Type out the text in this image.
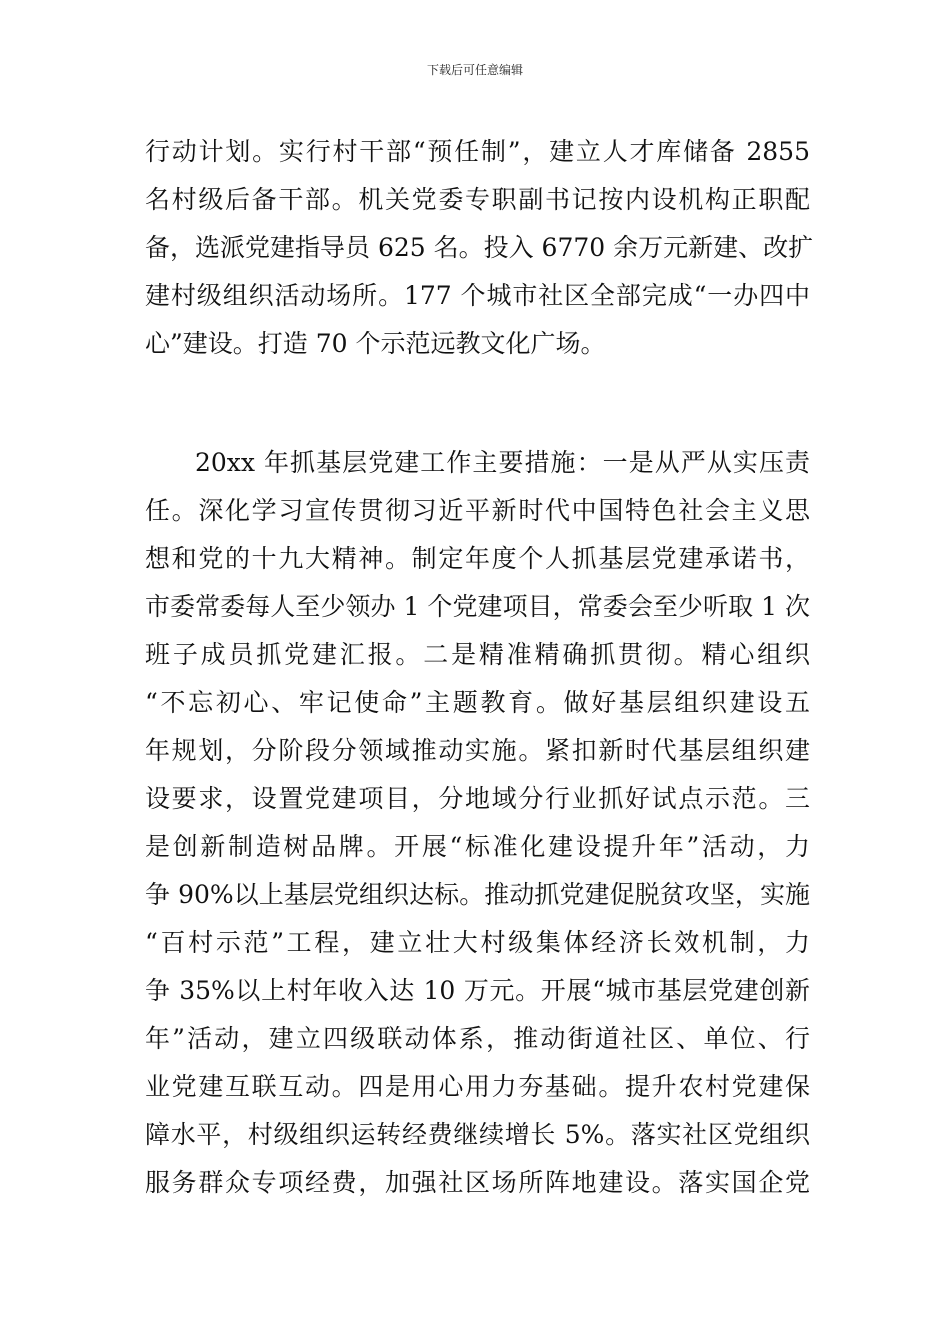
下载后可任意编辑
行动计划。实行村干部“预任制”，建立人才库储备 2855
名村级后备干部。机关党委专职副书记按内设机构正职配
备，选派党建指导员 625 名。投入 6770 余万元新建、改扩
建村级组织活动场所。177 个城市社区全部完成“一办四中
心”建设。打造 70 个示范远教文化广场。
20xx 年抓基层党建工作主要措施：一是从严从实压责
任。深化学习宣传贯彻习近平新时代中国特色社会主义思
想和党的十九大精神。制定年度个人抓基层党建承诺书，
市委常委每人至少领办 1 个党建项目，常委会至少听取 1 次
班子成员抓党建汇报。二是精准精确抓贯彻。精心组织
“不忘初心、牢记使命”主题教育。做好基层组织建设五
年规划，分阶段分领域推动实施。紧扣新时代基层组织建
设要求，设置党建项目，分地域分行业抓好试点示范。三
是创新制造树品牌。开展“标准化建设提升年”活动，力
争 90%以上基层党组织达标。推动抓党建促脱贫攻坚，实施
“百村示范”工程，建立壮大村级集体经济长效机制，力
争 35%以上村年收入达 10 万元。开展“城市基层党建创新
年”活动，建立四级联动体系，推动街道社区、单位、行
业党建互联互动。四是用心用力夯基础。提升农村党建保
障水平，村级组织运转经费继续增长 5%。落实社区党组织
服务群众专项经费，加强社区场所阵地建设。落实国企党
